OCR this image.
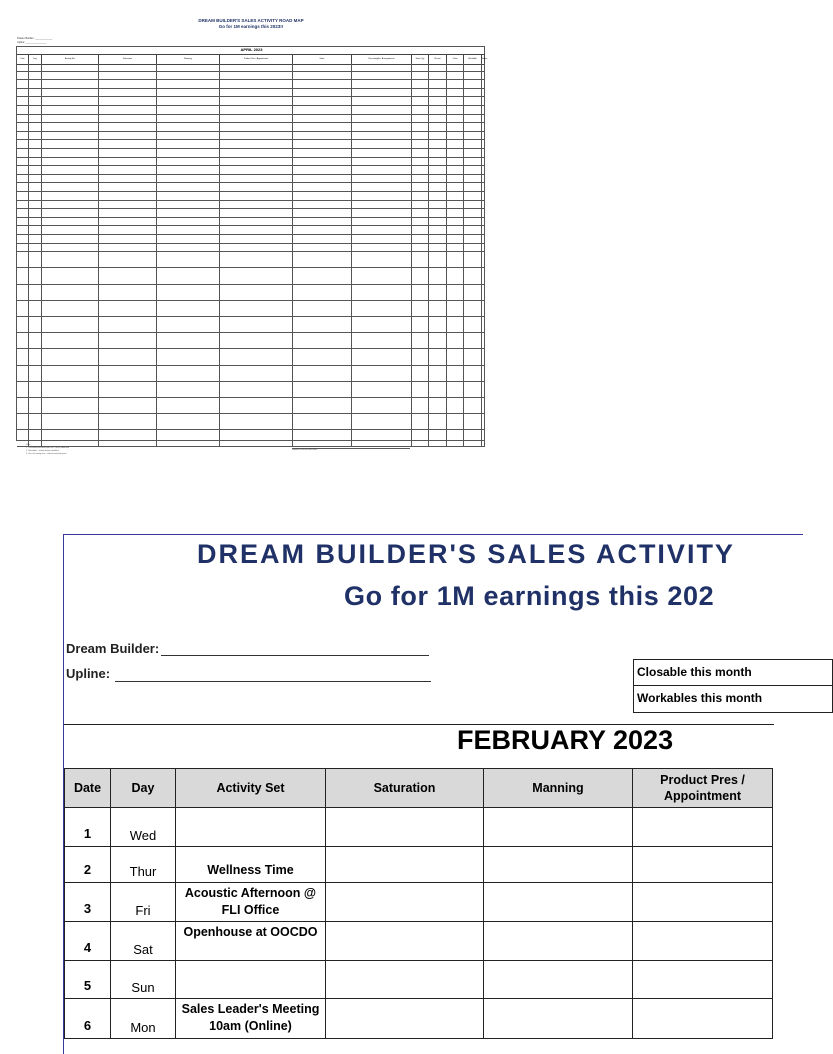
DREAM BUILDER'S SALES ACTIVITY ROAD MAP
Go for 1M earnings this 2023!!
Dream Builder: ____________
Upline: ______________
APRIL 2023
Date	Day	Activity Set	Saturation	Manning	Product Pres / Appointment	Sales	Recruiting/Fin. Arrangements	Sales Qty	Recruit	Close	Workable	Notes
Note:
1. Closable/Workable/Sales list - to be submitted
2. Reminder - submit before deadline
3. Use of training time - attend and participate
Signature over printed name
DREAM BUILDER'S SALES ACTIVITY
Go for 1M earnings this 202
Dream Builder:
Upline:	Closable this month
Workables this month
FEBRUARY 2023
Date	Day	Activity Set	Saturation	Manning	Product Pres / Appointment
1	Wed				
2	Thur	Wellness Time			
3	Fri	Acoustic Afternoon @ FLI Office			
4	Sat	Openhouse at OOCDO			
5	Sun				
6	Mon	Sales Leader's Meeting 10am (Online)			
